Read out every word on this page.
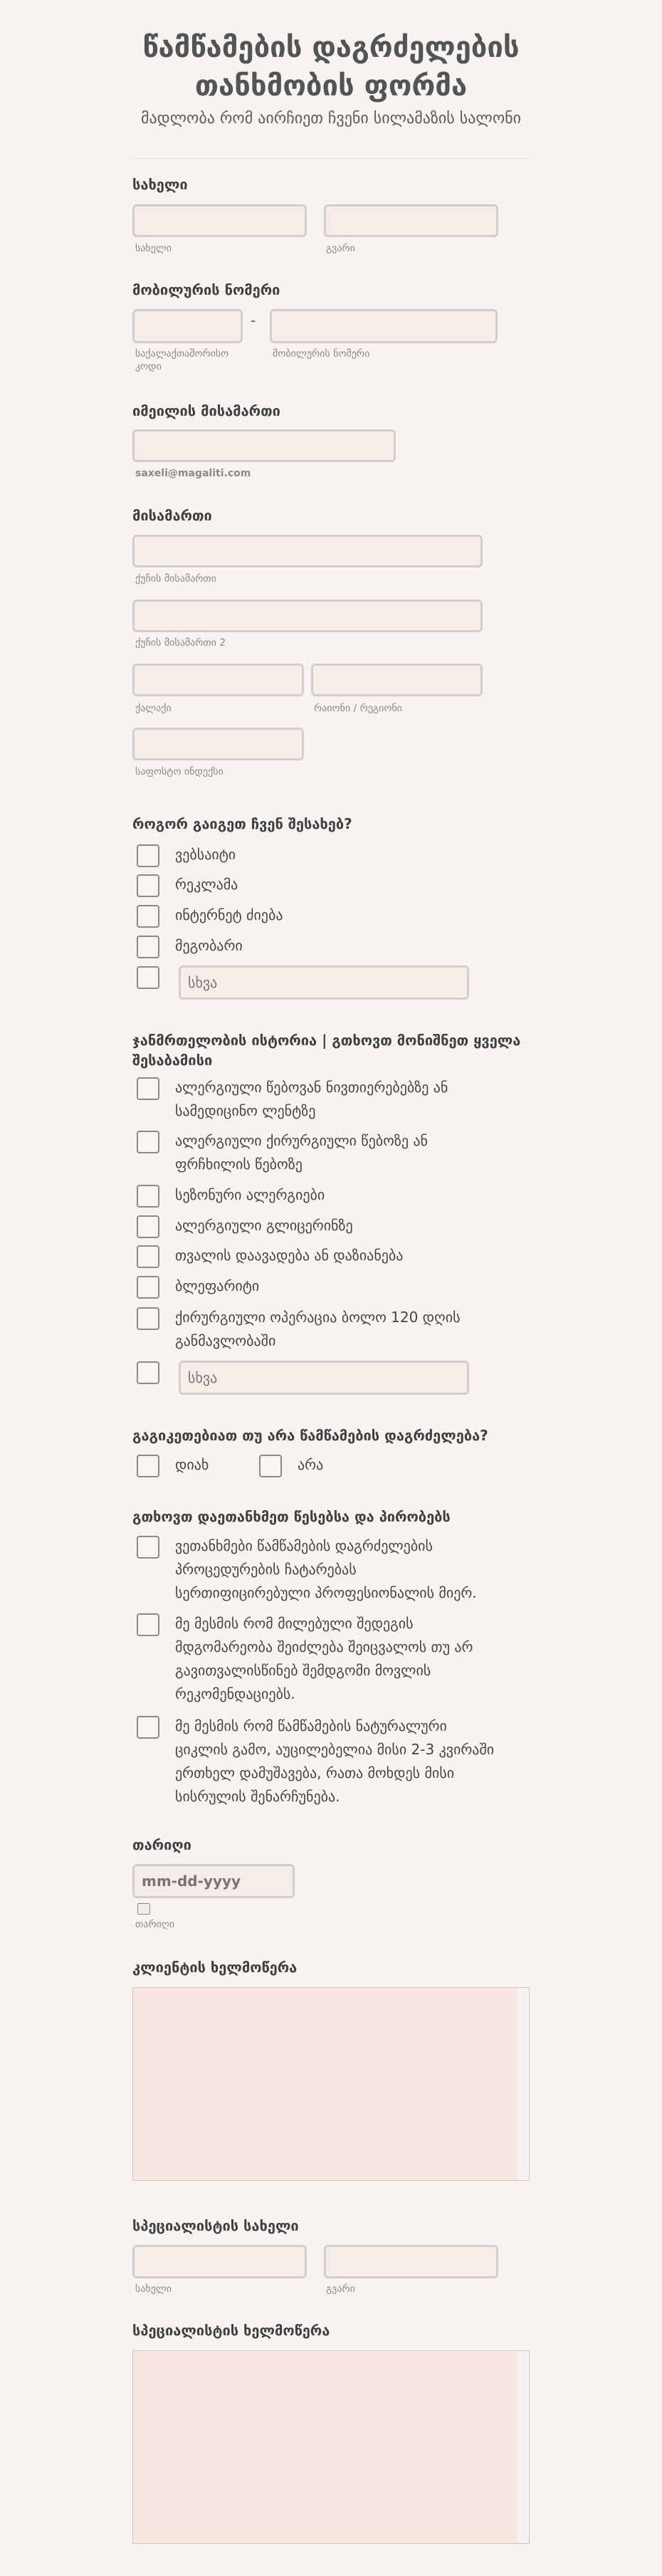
წამწამების დაგრძელების
თანხმობის ფორმა
მადლობა რომ აირჩიეთ ჩვენი სილამაზის სალონი
სახელი
სახელი	გვარი
მობილურის ნომერი
-
საქალაქთაშორისო კოდი
მობილურის ნომერი
იმეილის მისამართი
saxeli@magaliti.com
მისამართი
ქუჩის მისამართი
ქუჩის მისამართი 2
ქალაქი	რაიონი / რეგიონი
საფოსტო ინდექსი
როგორ გაიგეთ ჩვენ შესახებ?
ვებსაიტი
რეკლამა
ინტერნეტ ძიება
მეგობარი
სხვა
ჯანმრთელობის ისტორია | გთხოვთ მონიშნეთ ყველა
შესაბამისი
ალერგიული წებოვან ნივთიერებებზე ან
სამედიცინო ლენტზე
ალერგიული ქირურგიული წებოზე ან
ფრჩხილის წებოზე
სეზონური ალერგიები
ალერგიული გლიცერინზე
თვალის დაავადება ან დაზიანება
ბლეფარიტი
ქირურგიული ოპერაცია ბოლო 120 დღის
განმავლობაში
სხვა
გაგიკეთებიათ თუ არა წამწამების დაგრძელება?
დიახ	არა
გთხოვთ დაეთანხმეთ წესებსა და პირობებს
ვეთანხმები წამწამების დაგრძელების
პროცედურების ჩატარებას
სერთიფიცირებული პროფესიონალის მიერ.
მე მესმის რომ მილებული შედეგის
მდგომარეობა შეიძლება შეიცვალოს თუ არ
გავითვალისწინებ შემდგომი მოვლის
რეკომენდაციებს.
მე მესმის რომ წამწამების ნატურალური
ციკლის გამო, აუცილებელია მისი 2-3 კვირაში
ერთხელ დამუშავება, რათა მოხდეს მისი
სისრულის შენარჩუნება.
თარიღი
mm-dd-yyyy
თარიღი
კლიენტის ხელმოწერა
სპეციალისტის სახელი
სახელი	გვარი
სპეციალისტის ხელმოწერა
